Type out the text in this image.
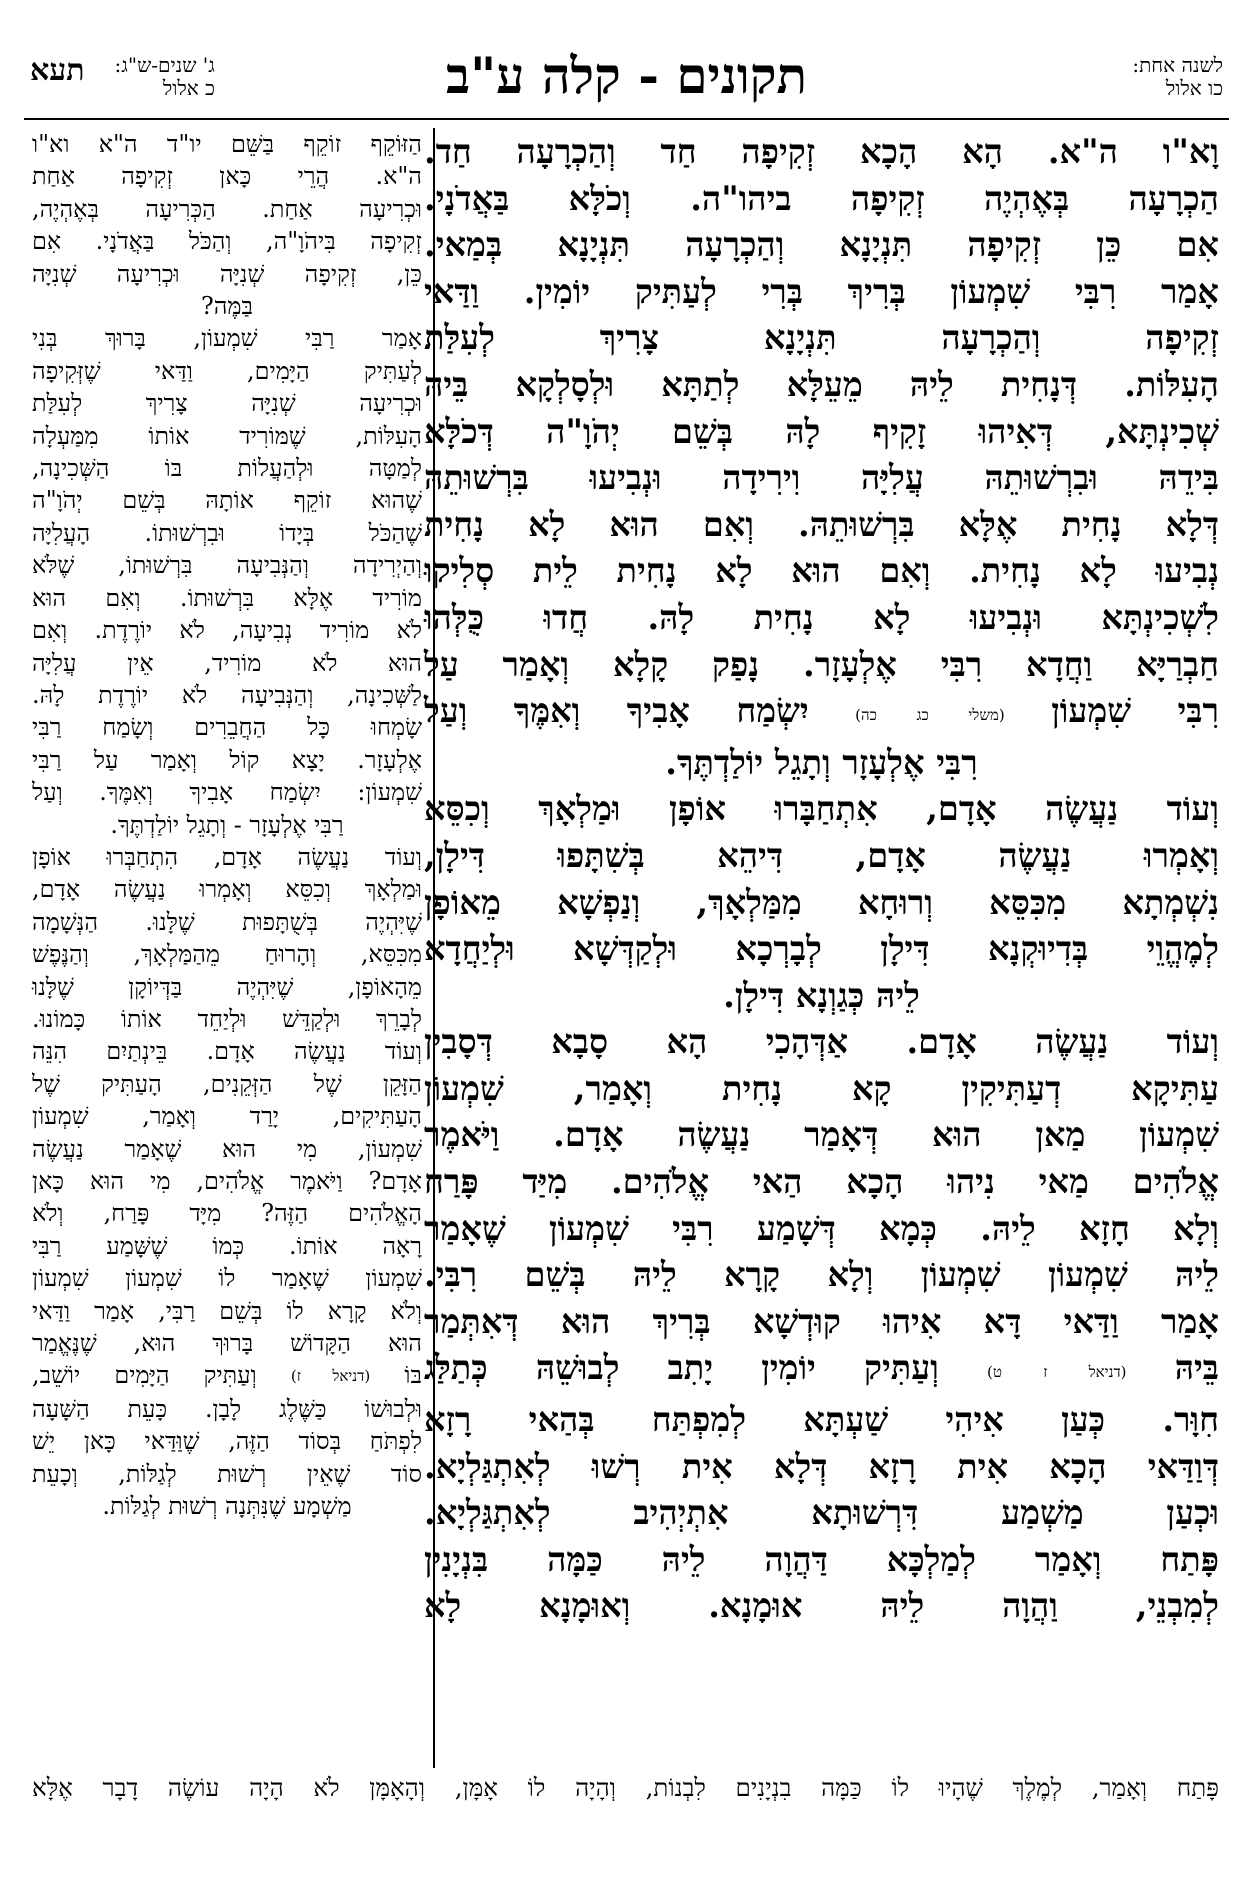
תעא ג' שנים-ש"ג:
כ אלול	תקונים - קלה ע"ב	לשנה אחת:
כו אלול

וָא"ו ה"א. הָא הָכָא זְקִיפָה חַד וְהַכְרָעָה חַד.

הַכְרָעָה בְּאֶהְיֶה זְקִיפָה ביהו"ה. וְכֹלָּא בַּאֲדֹנָי.

אִם כֵּן זְקִיפָה תִּנְיָנָא וְהַכְרָעָה תִּנְיָנָא בְּמַאי.

אָמַר רִבִּי שִׁמְעוֹן בְּרִיךְ בְּרִי לְעַתִּיק יוֹמִין. וַדַּאי

זְקִיפָה וְהַכְרָעָה תִּנְיָנָא צָרִיךְ לְעִלַּת

הָעִלּוֹת. דְּנָחִית לֵיהּ מֵעֵלָּא לְתַתָּא וּלְסָלְקָא בֵּיהּ

שְׁכִינְתָּא, דְּאִיהוּ זָקִיף לָהּ בְּשֵׁם יְהֹוָ"ה דְּכֹלָּא

בִּידֵהּ וּבִרְשׁוּתֵהּ עֲלִיָּה וִירִידָה וּנְבִיעוּ בִּרְשׁוּתֵהּ

דְּלָא נָחִית אֶלָּא בִּרְשׁוּתֵהּ. וְאִם הוּא לָא נָחִית

נְבִיעוּ לָא נָחִית. וְאִם הוּא לָא נָחִית לֵית סְלִיקוּ

לִשְׁכִינְתָּא וּנְבִיעוּ לָא נָחִית לָהּ. חֲדוּ כֻּלְּהוּ

חַבְרַיָּא וַחֲדָא רִבִּי אֶלְעָזָר. נָפַק קָלָא וְאָמַר עַל

רִבִּי שִׁמְעוֹן (משלי כג כה) יִשְׂמַח אָבִיךָ וְאִמֶּךָ וְעַל

רִבִּי אֶלְעָזָר וְתָגֵל יוֹלַדְתֶּךָ.

וְעוֹד נַעֲשֶׂה אָדָם, אִתְחַבָּרוּ אוֹפָן וּמַלְאָךְ וְכִסֵּא

וְאָמְרוּ נַעֲשֶׂה אָדָם, דִּיהֵא בְּשִׁתָּפוּ דִּילָן,

נִשְׁמְתָא מִכִּסֵּא וְרוּחָא מִמַּלְאָךְ, וְנַפְשָׁא מֵאוֹפָן

לְמֶהֱוֵי בְּדִיוּקְנָא דִּילָן לְבָרְכָא וּלְקַדְּשָׁא וּלְיַחֲדָא

לֵיהּ כְּגַוְנָא דִּילָן.

וְעוֹד נַעֲשֶׂה אָדָם. אַדְּהָכִי הָא סָבָא דְּסָבִין

עַתִּיקָא דְעַתִּיקִין קָא נָחִית וְאָמַר, שִׁמְעוֹן

שִׁמְעוֹן מַאן הוּא דְּאָמַר נַעֲשֶׂה אָדָם. וַיֹּאמֶר

אֱלֹהִים מַאי נִיהוּ הָכָא הַאי אֱלֹהִים. מִיַּד פָּרַח

וְלָא חָזָא לֵיהּ. כְּמָא דְּשָׁמַע רִבִּי שִׁמְעוֹן שֶׁאָמַר

לֵיהּ שִׁמְעוֹן שִׁמְעוֹן וְלָא קָרָא לֵיהּ בְּשֵׁם רִבִּי.

אָמַר וַדַּאי דָּא אִיהוּ קוּדְשָׁא בְּרִיךְ הוּא דְּאִתְּמַר

בֵּיהּ (דניאל ז ט) וְעַתִּיק יוֹמִין יָתִב לְבוּשֵׁהּ כְּתַלַּג

חִוָּר. כְּעַן אִיהִי שַׁעְתָּא לְמִפְתַּח בְּהַאי רָזָא

דְּוַדַּאי הָכָא אִית רָזָא דְּלָא אִית רְשׁוּ לְאִתְגַּלְיָא.

וּכְעַן מַשְׁמַע דִּרְשׁוּתָא אִתְיְהִיב לְאִתְגַּלְיָא.

פָּתַח וְאָמַר לְמַלְכָּא דַּהֲוָה לֵיהּ כַּמָּה בִּנְיָנִין

לְמִבְנֵי, וַהֲוָה לֵיהּ אוּמָנָא. וְאוּמָנָא לָא

הַזּוֹקֵף זוֹקֵף בַּשֵּׁם יו"ד ה"א וא"ו

ה"א. הֲרֵי כָּאן זְקִיפָה אַחַת

וּכְרִיעָה אַחַת. הַכְּרִיעָה בְּאֶהְיֶה,

זְקִיפָה בִּיהֹוָ"ה, וְהַכֹּל בַּאֲדֹנָי. אִם

כֵּן, זְקִיפָה שְׁנִיָּה וּכְרִיעָה שְׁנִיָּה

בַּמֶּה?

אָמַר רַבִּי שִׁמְעוֹן, בָּרוּךְ בְּנִי

לְעַתִּיק הַיָּמִים, וַדַּאי שֶׁזְּקִיפָה

וּכְרִיעָה שְׁנִיָּה צָרִיךְ לְעִלַּת

הָעִלּוֹת, שֶׁמּוֹרִיד אוֹתוֹ מִמַּעְלָה

לְמַטָּה וּלְהַעֲלוֹת בּוֹ הַשְּׁכִינָה,

שֶׁהוּא זוֹקֵף אוֹתָהּ בְּשֵׁם יְהֹוָ"ה

שֶׁהַכֹּל בְּיָדוֹ וּבִרְשׁוּתוֹ. הָעֲלִיָּה

וְהַיְרִידָה וְהַנְּבִיעָה בִּרְשׁוּתוֹ, שֶׁלֹּא

מוֹרִיד אֶלָּא בִּרְשׁוּתוֹ. וְאִם הוּא

לֹא מוֹרִיד נְבִיעָה, לֹא יוֹרֶדֶת. וְאִם

הוּא לֹא מוֹרִיד, אֵין עֲלִיָּה

לַשְּׁכִינָה, וְהַנְּבִיעָה לֹא יוֹרֶדֶת לָהּ.

שָׂמְחוּ כָּל הַחֲבֵרִים וְשָׂמַח רַבִּי

אֶלְעָזָר. יָצָא קוֹל וְאָמַר עַל רַבִּי

שִׁמְעוֹן: יִשְׂמַח אָבִיךָ וְאִמֶּךָ. וְעַל

רַבִּי אֶלְעָזָר - וְתָגֵל יוֹלַדְתֶּךָ.

וְעוֹד נַעֲשֶׂה אָדָם, הִתְחַבְּרוּ אוֹפָן

וּמַלְאָךְ וְכִסֵּא וְאָמְרוּ נַעֲשֶׂה אָדָם,

שֶׁיִּהְיֶה בְּשֻׁתָּפוּת שֶׁלָּנוּ. הַנְּשָׁמָה

מִכִּסֵּא, וְהָרוּחַ מֵהַמַּלְאָךְ, וְהַנֶּפֶשׁ

מֵהָאוֹפָן, שֶׁיִּהְיֶה בַּדְּיוֹקָן שֶׁלָּנוּ

לְבָרֵךְ וּלְקַדֵּשׁ וּלְיַחֵד אוֹתוֹ כָּמוֹנוּ.

וְעוֹד נַעֲשֶׂה אָדָם. בֵּינְתַיִם הִנֵּה

הַזָּקֵן שֶׁל הַזְּקֵנִים, הָעַתִּיק שֶׁל

הָעַתִּיקִים, יָרַד וְאָמַר, שִׁמְעוֹן

שִׁמְעוֹן, מִי הוּא שֶׁאָמַר נַעֲשֶׂה

אָדָם? וַיֹּאמֶר אֱלֹהִים, מִי הוּא כָּאן

הָאֱלֹהִים הַזֶּה? מִיָּד פָּרַח, וְלֹא

רָאָה אוֹתוֹ. כְּמוֹ שֶׁשָּׁמַע רַבִּי

שִׁמְעוֹן שֶׁאָמַר לוֹ שִׁמְעוֹן שִׁמְעוֹן

וְלֹא קָרָא לוֹ בְּשֵׁם רַבִּי, אָמַר וַדַּאי

הוּא הַקָּדוֹשׁ בָּרוּךְ הוּא, שֶׁנֶּאֱמַר

בּוֹ (דניאל ז) וְעַתִּיק הַיָּמִים יוֹשֵׁב,

וּלְבוּשׁוֹ כַּשֶּׁלֶג לָבָן. כָּעֵת הַשָּׁעָה

לִפְתֹּחַ בְּסוֹד הַזֶּה, שֶׁוַּדַּאי כָּאן יֵשׁ

סוֹד שֶׁאֵין רְשׁוּת לְגַלּוֹת, וְכָעֵת

מַשְׁמָע שֶׁנִּתְּנָה רְשׁוּת לְגַלּוֹת.

פָּתַח וְאָמַר, לְמֶלֶךְ שֶׁהָיוּ לוֹ כַּמָּה בִנְיָנִים לִבְנוֹת, וְהָיָה לוֹ אָמָּן, וְהָאָמָּן לֹא הָיָה עוֹשֶׂה דָבָר אֶלָּא
